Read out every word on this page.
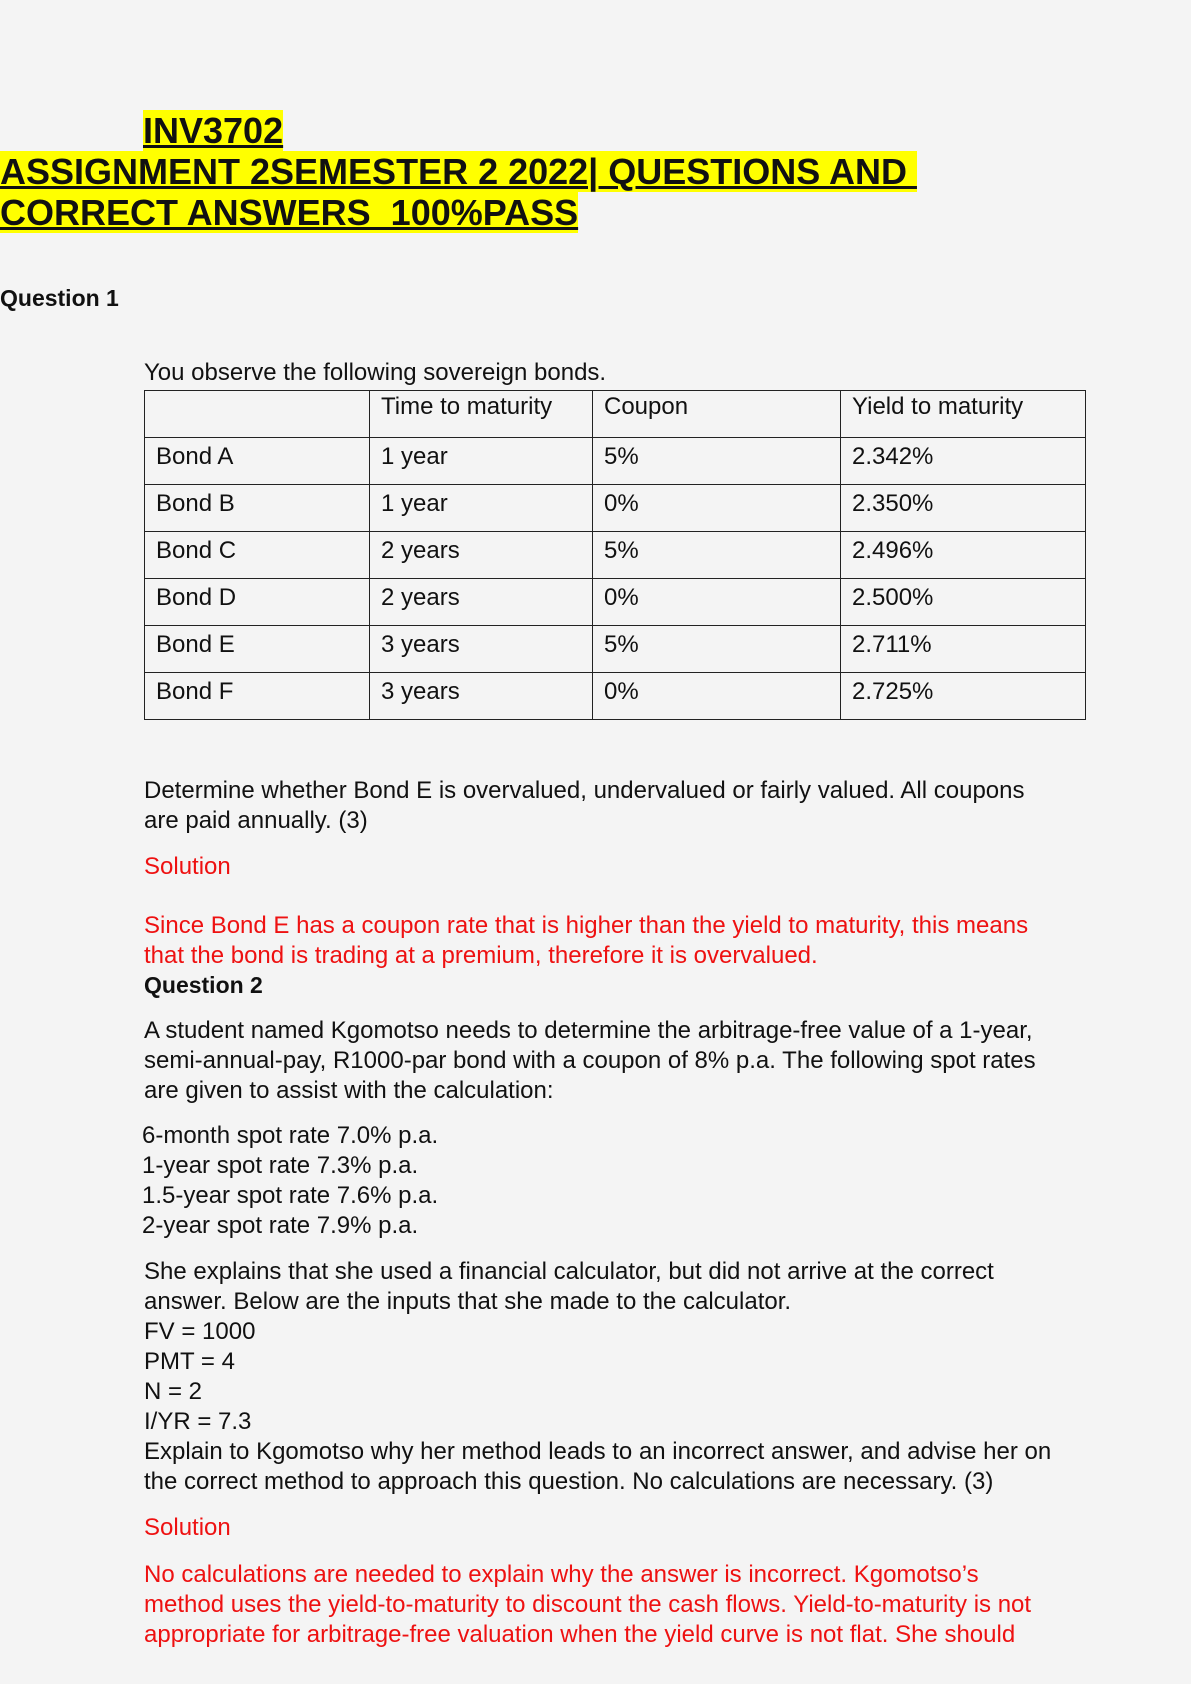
INV3702
ASSIGNMENT 2SEMESTER 2 2022| QUESTIONS AND
CORRECT ANSWERS  100%PASS
Question 1
You observe the following sovereign bonds.
	Time to maturity	Coupon	Yield to maturity
Bond A	1 year	5%	2.342%
Bond B	1 year	0%	2.350%
Bond C	2 years	5%	2.496%
Bond D	2 years	0%	2.500%
Bond E	3 years	5%	2.711%
Bond F	3 years	0%	2.725%
Determine whether Bond E is overvalued, undervalued or fairly valued. All coupons
are paid annually. (3)
Solution
Since Bond E has a coupon rate that is higher than the yield to maturity, this means
that the bond is trading at a premium, therefore it is overvalued.
Question 2
A student named Kgomotso needs to determine the arbitrage-free value of a 1-year,
semi-annual-pay, R1000-par bond with a coupon of 8% p.a. The following spot rates
are given to assist with the calculation:
6-month spot rate 7.0% p.a.
1-year spot rate 7.3% p.a.
1.5-year spot rate 7.6% p.a.
2-year spot rate 7.9% p.a.
She explains that she used a financial calculator, but did not arrive at the correct
answer. Below are the inputs that she made to the calculator.
FV = 1000
PMT = 4
N = 2
I/YR = 7.3
Explain to Kgomotso why her method leads to an incorrect answer, and advise her on
the correct method to approach this question. No calculations are necessary. (3)
Solution
No calculations are needed to explain why the answer is incorrect. Kgomotso’s
method uses the yield-to-maturity to discount the cash flows. Yield-to-maturity is not
appropriate for arbitrage-free valuation when the yield curve is not flat. She should
